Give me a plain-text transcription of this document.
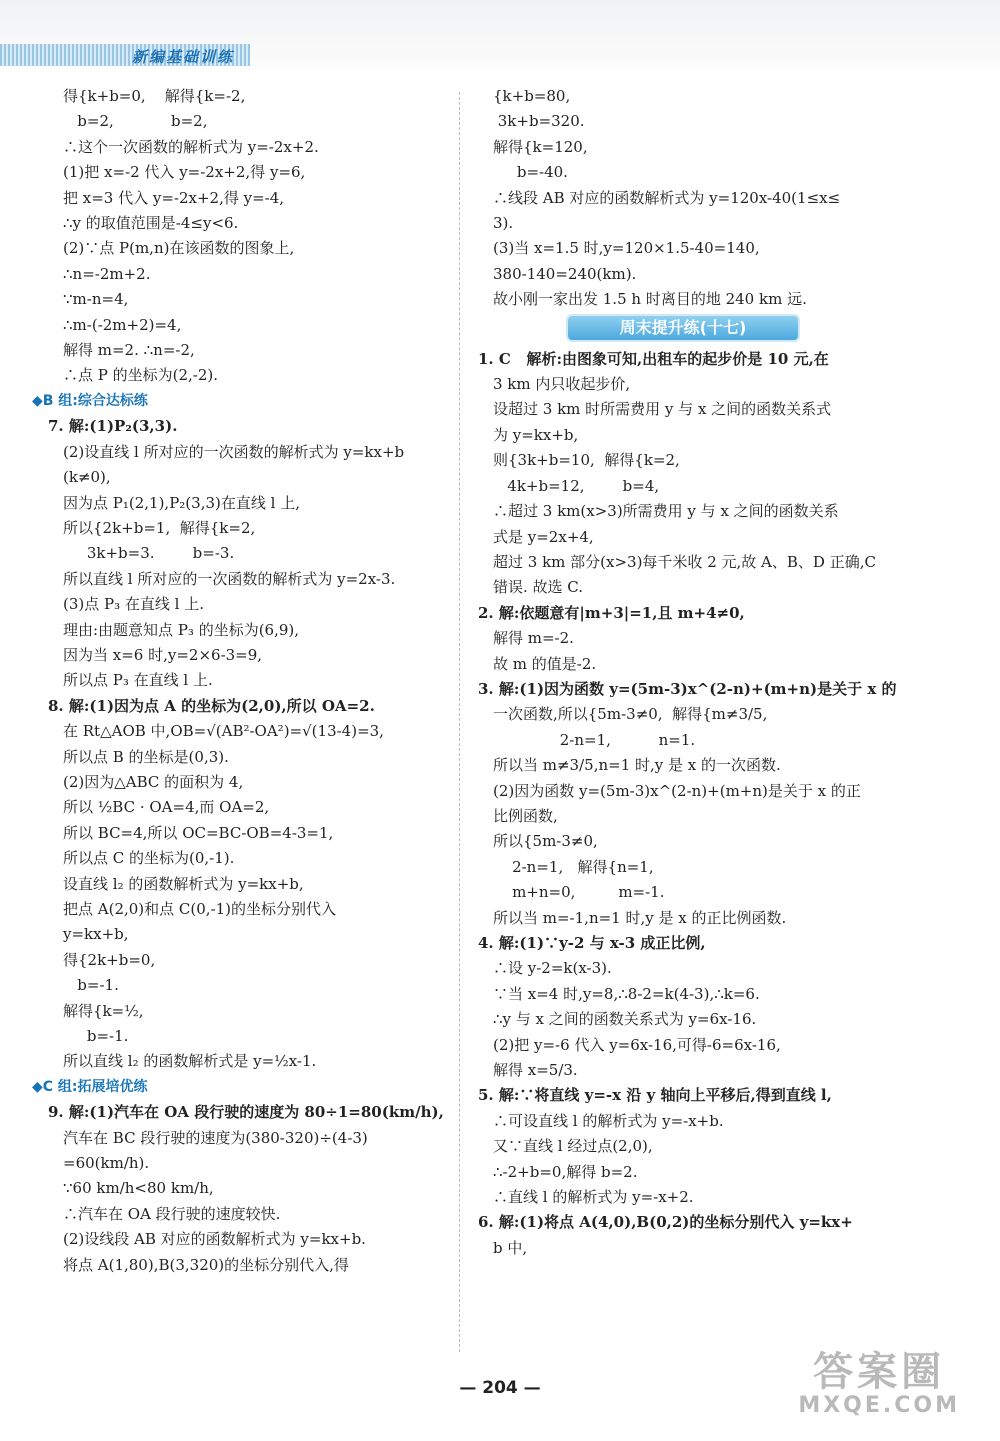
新编基础训练
得{k+b=0,    解得{k=-2,
b=2,            b=2,
∴这个一次函数的解析式为 y=-2x+2.
(1)把 x=-2 代入 y=-2x+2,得 y=6,
把 x=3 代入 y=-2x+2,得 y=-4,
∴y 的取值范围是-4≤y<6.
(2)∵点 P(m,n)在该函数的图象上,
∴n=-2m+2.
∵m-n=4,
∴m-(-2m+2)=4,
解得 m=2. ∴n=-2,
∴点 P 的坐标为(2,-2).
◆B 组:综合达标练
7. 解:(1)P₂(3,3).
(2)设直线 l 所对应的一次函数的解析式为 y=kx+b
(k≠0),
因为点 P₁(2,1),P₂(3,3)在直线 l 上,
所以{2k+b=1,  解得{k=2,
3k+b=3.        b=-3.
所以直线 l 所对应的一次函数的解析式为 y=2x-3.
(3)点 P₃ 在直线 l 上.
理由:由题意知点 P₃ 的坐标为(6,9),
因为当 x=6 时,y=2×6-3=9,
所以点 P₃ 在直线 l 上.
8. 解:(1)因为点 A 的坐标为(2,0),所以 OA=2.
在 Rt△AOB 中,OB=√(AB²-OA²)=√(13-4)=3,
所以点 B 的坐标是(0,3).
(2)因为△ABC 的面积为 4,
所以 ½BC · OA=4,而 OA=2,
所以 BC=4,所以 OC=BC-OB=4-3=1,
所以点 C 的坐标为(0,-1).
设直线 l₂ 的函数解析式为 y=kx+b,
把点 A(2,0)和点 C(0,-1)的坐标分别代入
y=kx+b,
得{2k+b=0,
b=-1.
解得{k=½,
b=-1.
所以直线 l₂ 的函数解析式是 y=½x-1.
◆C 组:拓展培优练
9. 解:(1)汽车在 OA 段行驶的速度为 80÷1=80(km/h),
汽车在 BC 段行驶的速度为(380-320)÷(4-3)
=60(km/h).
∵60 km/h<80 km/h,
∴汽车在 OA 段行驶的速度较快.
(2)设线段 AB 对应的函数解析式为 y=kx+b.
将点 A(1,80),B(3,320)的坐标分别代入,得
{k+b=80,
3k+b=320.
解得{k=120,
b=-40.
∴线段 AB 对应的函数解析式为 y=120x-40(1≤x≤
3).
(3)当 x=1.5 时,y=120×1.5-40=140,
380-140=240(km).
故小刚一家出发 1.5 h 时离目的地 240 km 远.
周末提升练(十七)
1. C   解析:由图象可知,出租车的起步价是 10 元,在
3 km 内只收起步价,
设超过 3 km 时所需费用 y 与 x 之间的函数关系式
为 y=kx+b,
则{3k+b=10,  解得{k=2,
4k+b=12,        b=4,
∴超过 3 km(x>3)所需费用 y 与 x 之间的函数关系
式是 y=2x+4,
超过 3 km 部分(x>3)每千米收 2 元,故 A、B、D 正确,C
错误. 故选 C.
2. 解:依题意有|m+3|=1,且 m+4≠0,
解得 m=-2.
故 m 的值是-2.
3. 解:(1)因为函数 y=(5m-3)x^(2-n)+(m+n)是关于 x 的
一次函数,所以{5m-3≠0,  解得{m≠3/5,
2-n=1,          n=1.
所以当 m≠3/5,n=1 时,y 是 x 的一次函数.
(2)因为函数 y=(5m-3)x^(2-n)+(m+n)是关于 x 的正
比例函数,
所以{5m-3≠0,
2-n=1,   解得{n=1,
m+n=0,         m=-1.
所以当 m=-1,n=1 时,y 是 x 的正比例函数.
4. 解:(1)∵y-2 与 x-3 成正比例,
∴设 y-2=k(x-3).
∵当 x=4 时,y=8,∴8-2=k(4-3),∴k=6.
∴y 与 x 之间的函数关系式为 y=6x-16.
(2)把 y=-6 代入 y=6x-16,可得-6=6x-16,
解得 x=5/3.
5. 解:∵将直线 y=-x 沿 y 轴向上平移后,得到直线 l,
∴可设直线 l 的解析式为 y=-x+b.
又∵直线 l 经过点(2,0),
∴-2+b=0,解得 b=2.
∴直线 l 的解析式为 y=-x+2.
6. 解:(1)将点 A(4,0),B(0,2)的坐标分别代入 y=kx+
b 中,
— 204 —	答案圈
MXQE.COM
